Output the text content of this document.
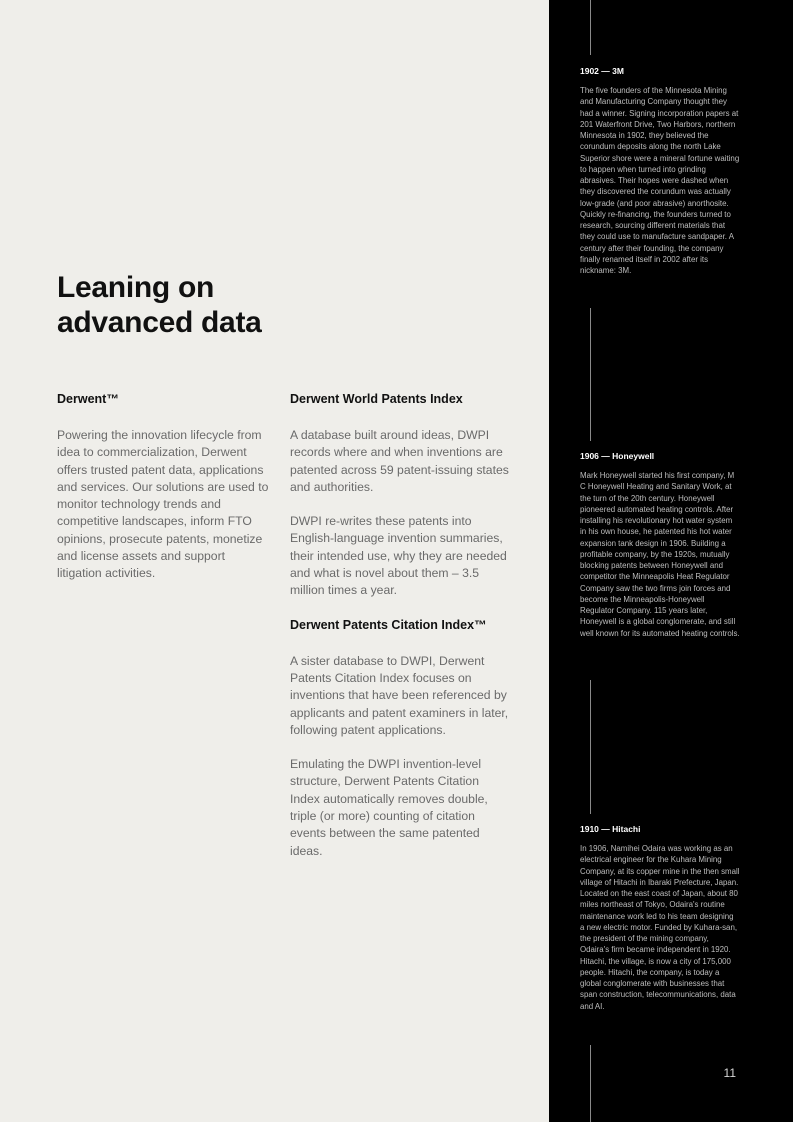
Leaning on
advanced data
Derwent™

Powering the innovation lifecycle from idea to commercialization, Derwent offers trusted patent data, applications and services. Our solutions are used to monitor technology trends and competitive landscapes, inform FTO opinions, prosecute patents, monetize and license assets and support litigation activities.

Derwent World Patents Index

A database built around ideas, DWPI records where and when inventions are patented across 59 patent-issuing states and authorities.

DWPI re-writes these patents into English-language invention summaries, their intended use, why they are needed and what is novel about them – 3.5 million times a year.

Derwent Patents Citation Index™

A sister database to DWPI, Derwent Patents Citation Index focuses on inventions that have been referenced by applicants and patent examiners in later, following patent applications.

Emulating the DWPI invention-level structure, Derwent Patents Citation Index automatically removes double, triple (or more) counting of citation events between the same patented ideas.

1902 — 3M

The five founders of the Minnesota Mining and Manufacturing Company thought they had a winner. Signing incorporation papers at 201 Waterfront Drive, Two Harbors, northern Minnesota in 1902, they believed the corundum deposits along the north Lake Superior shore were a mineral fortune waiting to happen when turned into grinding abrasives. Their hopes were dashed when they discovered the corundum was actually low-grade (and poor abrasive) anorthosite. Quickly re-financing, the founders turned to research, sourcing different materials that they could use to manufacture sandpaper. A century after their founding, the company finally renamed itself in 2002 after its nickname: 3M.

1906 — Honeywell

Mark Honeywell started his first company, M C Honeywell Heating and Sanitary Work, at the turn of the 20th century. Honeywell pioneered automated heating controls. After installing his revolutionary hot water system in his own house, he patented his hot water expansion tank design in 1906. Building a profitable company, by the 1920s, mutually blocking patents between Honeywell and competitor the Minneapolis Heat Regulator Company saw the two firms join forces and become the Minneapolis-Honeywell Regulator Company. 115 years later, Honeywell is a global conglomerate, and still well known for its automated heating controls.

1910 — Hitachi

In 1906, Namihei Odaira was working as an electrical engineer for the Kuhara Mining Company, at its copper mine in the then small village of Hitachi in Ibaraki Prefecture, Japan. Located on the east coast of Japan, about 80 miles northeast of Tokyo, Odaira's routine maintenance work led to his team designing a new electric motor. Funded by Kuhara-san, the president of the mining company, Odaira's firm became independent in 1920. Hitachi, the village, is now a city of 175,000 people. Hitachi, the company, is today a global conglomerate with businesses that span construction, telecommunications, data and AI.

11
